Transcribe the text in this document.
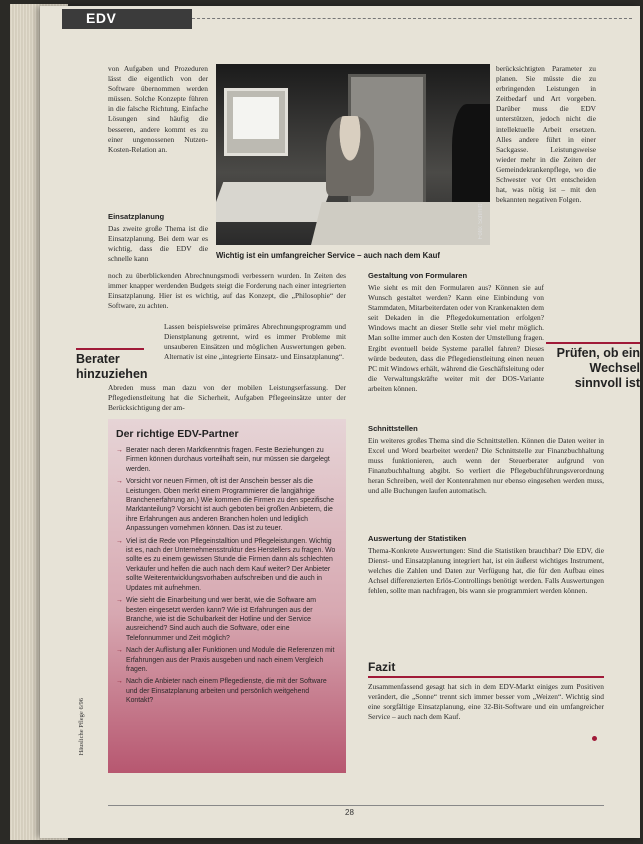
EDV

von Aufgaben und Prozeduren lässt die eigentlich von der Software übernommen werden müssen. Solche Konzepte führen in die falsche Richtung. Einfache Lösungen sind häufig die besseren, andere kommt es zu einer ungenossenen Nutzen-Kosten-Relation an.

Einsatzplanung

Das zweite große Thema ist die Einsatzplanung. Bei dem war es wichtig, dass die EDV die schnelle kann

Foto: Schmitt

Wichtig ist ein umfangreicher Service – auch nach dem Kauf

berücksichtigten Parameter zu planen. Sie müsste die zu erbringenden Leistungen in Zeitbedarf und Art vorgeben. Darüber muss die EDV unterstützen, jedoch nicht die intellektuelle Arbeit ersetzen. Alles andere führt in einer Sackgasse. Leistungsweise wieder mehr in die Zeiten der Gemeindekrankenpflege, wo die Schwester vor Ort entscheiden hat, was nötig ist – mit den bekannten negativen Folgen.

noch zu überblickenden Abrechnungsmodi verbessern wurden. In Zeiten des immer knapper werdenden Budgets steigt die Forderung nach einer integrierten Einsatzplanung. Hier ist es wichtig, auf das Konzept, die „Philosophie“ der Software, zu achten.

Berater
hinzuziehen

Lassen beispielsweise primäres Abrechnungsprogramm und Dienstplanung getrennt, wird es immer Probleme mit unsauberen Einsätzen und möglichen Auswertungen geben. Alternativ ist eine „integrierte Einsatz- und Einsatzplanung“.

Abreden muss man dazu von der mobilen Leistungserfassung. Der Pflegedienstleitung hat die Sicherheit, Aufgaben Pflegeeinsätze unter der Berücksichtigung der am-

Der richtige EDV-Partner
→ Berater nach deren Marktkenntnis fragen. Feste Beziehungen zu Firmen können durchaus vorteilhaft sein, nur müssen sie dargelegt werden.
→ Vorsicht vor neuen Firmen, oft ist der Anschein besser als die Leistungen. Oben merkt einem Programmierer die langjährige Branchenerfahrung an.) Wie kommen die Firmen zu den spezifische Marktanteilung? Vorsicht ist auch geboten bei großen Anbietern, die ihre Erfahrungen aus anderen Branchen holen und lediglich Anpassungen vornehmen können. Das ist zu teuer.
→ Viel ist die Rede von Pflegeinstalltion und Pflegeleistungen. Wichtig ist es, nach der Unternehmensstruktur des Herstellers zu fragen. Wo sollte es zu einem gewissen Stunde die Firmen dann als schlechten Verkäufer und helfen die auch nach dem Kauf weiter? Der Anbieter sollte Weiterentwicklungsvorhaben aufschreiben und die auch in Updates mit aufnehmen.
→ Wie sieht die Einarbeitung und wer berät, wie die Software am besten eingesetzt werden kann? Wie ist Erfahrungen aus der Branche, wie ist die Schulbarkeit der Hotline und der Service ausreichend? Sind auch auch die Software, oder eine Telefonnummer und Zeit möglich?
→ Nach der Auflistung aller Funktionen und Module die Referenzen mit Erfahrungen aus der Praxis ausgeben und nach einem Vergleich fragen.
→ Nach die Anbieter nach einem Pflegedienste, die mit der Software und der Einsatzplanung arbeiten und persönlich weitgehend Kontakt?

Gestaltung von Formularen

Wie sieht es mit den Formularen aus? Können sie auf Wunsch gestaltet werden? Kann eine Einbindung von Stammdaten, Mitarbeiterdaten oder von Krankenakten dem seit Dekaden in die Pflegedokumentation erfolgen? Windows macht an dieser Stelle sehr viel mehr möglich. Man sollte immer auch den Kosten der Umstellung fragen. Ergibt eventuell beide Systeme parallel fahren? Dieses würde bedeuten, dass die Pflegedienstleitung einen neuen PC mit Windows erhält, während die Geschäftsleitung oder die Verwaltungskräfte weiter mit der DOS-Variante arbeiten können.

Prüfen, ob ein
Wechsel
sinnvoll ist

Schnittstellen

Ein weiteres großes Thema sind die Schnittstellen. Können die Daten weiter in Excel und Word bearbeitet werden? Die Schnittstelle zur Finanzbuchhaltung muss funktionieren, auch wenn der Steuerberater aufgrund von Finanzbuchhaltung abgibt. So verliert die Pflegebuchführungsverordnung heran Schreiben, weil der Kontenrahmen nur ebenso eingesehen werden muss, und alle Buchungen laufen automatisch.

Auswertung der Statistiken

Thema-Konkrete Auswertungen: Sind die Statistiken brauchbar? Die EDV, die Dienst- und Einsatzplanung integriert hat, ist ein äußerst wichtiges Instrument, welches die Zahlen und Daten zur Verfügung hat, die für den Aufbau eines Achsel differenzierten Erlös-Controllings benötigt werden. Falls Auswertungen fehlen, sollte man nachfragen, bis wann sie programmiert werden können.

Fazit

Zusammenfassend gesagt hat sich in dem EDV-Markt einiges zum Positiven verändert, die „Sonne“ trennt sich immer besser vom „Weizen“. Wichtig sind eine sorgfältige Einsatzplanung, eine 32-Bit-Software und ein umfangreicher Service – auch nach dem Kauf.

28
Häusliche Pflege 6/96
